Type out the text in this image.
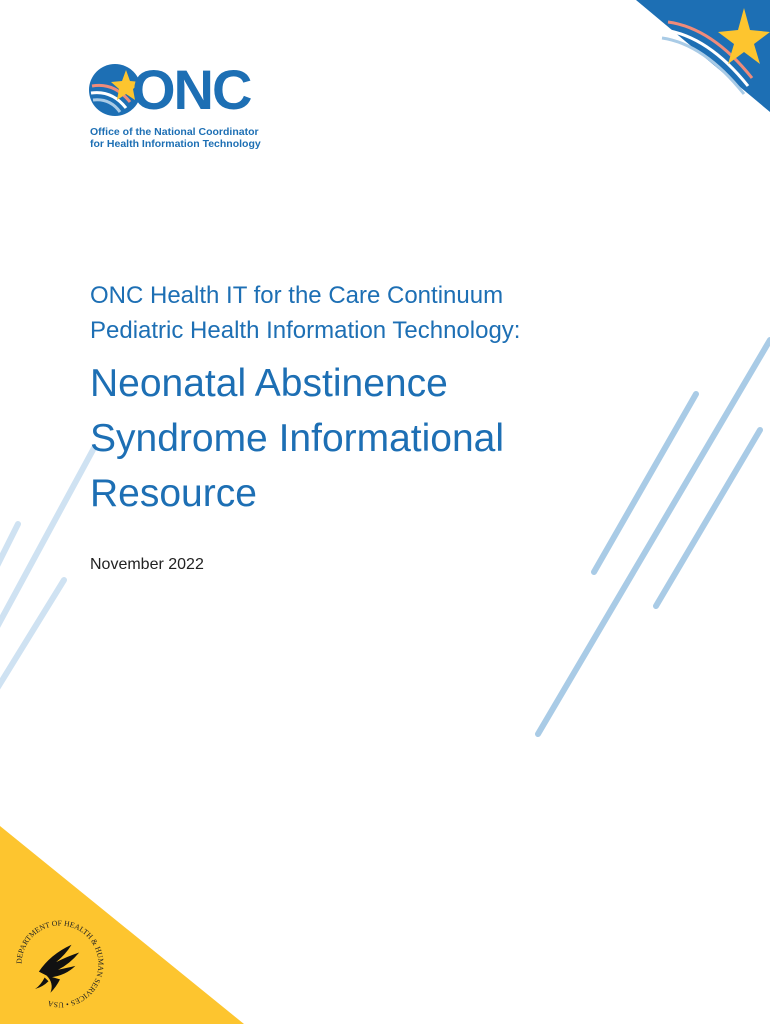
ONC
Office of the National Coordinator
for Health Information Technology

ONC Health IT for the Care Continuum

Pediatric Health Information Technology:

Neonatal Abstinence
Syndrome Informational
Resource
November 2022
DEPARTMENT OF HEALTH & HUMAN SERVICES • USA
